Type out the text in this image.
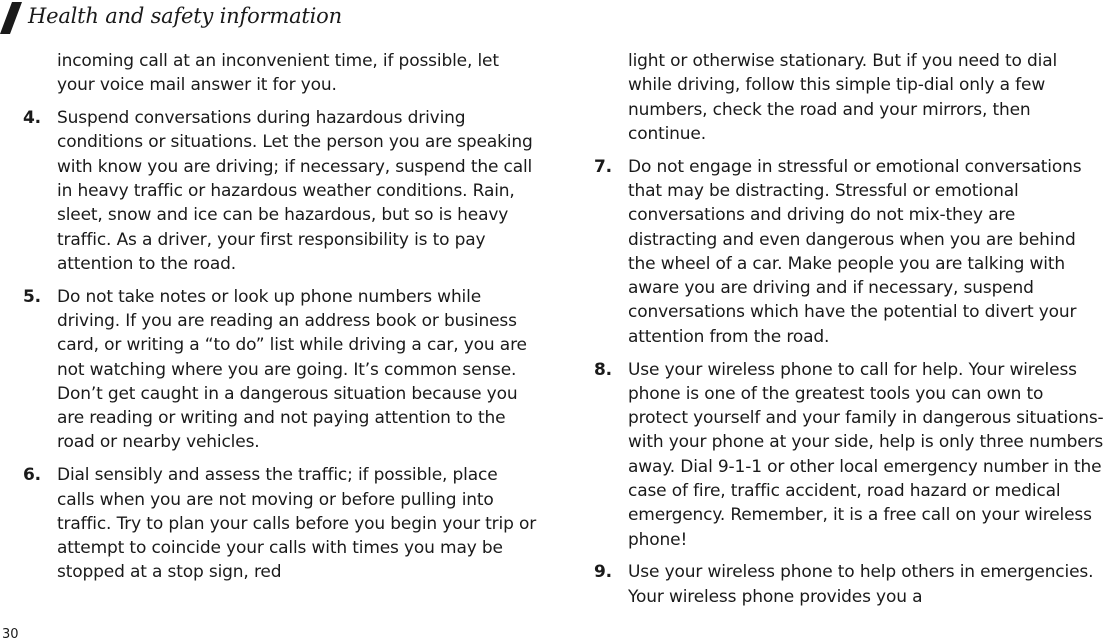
Health and safety information

incoming call at an inconvenient time, if possible, let your voice mail answer it for you.

4. Suspend conversations during hazardous driving conditions or situations. Let the person you are speaking with know you are driving; if necessary, suspend the call in heavy traffic or hazardous weather conditions. Rain, sleet, snow and ice can be hazardous, but so is heavy traffic. As a driver, your first responsibility is to pay attention to the road.
5. Do not take notes or look up phone numbers while driving. If you are reading an address book or business card, or writing a “to do” list while driving a car, you are not watching where you are going. It’s common sense. Don’t get caught in a dangerous situation because you are reading or writing and not paying attention to the road or nearby vehicles.
6. Dial sensibly and assess the traffic; if possible, place calls when you are not moving or before pulling into traffic. Try to plan your calls before you begin your trip or attempt to coincide your calls with times you may be stopped at a stop sign, red

light or otherwise stationary. But if you need to dial while driving, follow this simple tip-dial only a few numbers, check the road and your mirrors, then continue.

7. Do not engage in stressful or emotional conversations that may be distracting. Stressful or emotional conversations and driving do not mix-they are distracting and even dangerous when you are behind the wheel of a car. Make people you are talking with aware you are driving and if necessary, suspend conversations which have the potential to divert your attention from the road.
8. Use your wireless phone to call for help. Your wireless phone is one of the greatest tools you can own to protect yourself and your family in dangerous situations-with your phone at your side, help is only three numbers away. Dial 9-1-1 or other local emergency number in the case of fire, traffic accident, road hazard or medical emergency. Remember, it is a free call on your wireless phone!
9. Use your wireless phone to help others in emergencies. Your wireless phone provides you a
30
